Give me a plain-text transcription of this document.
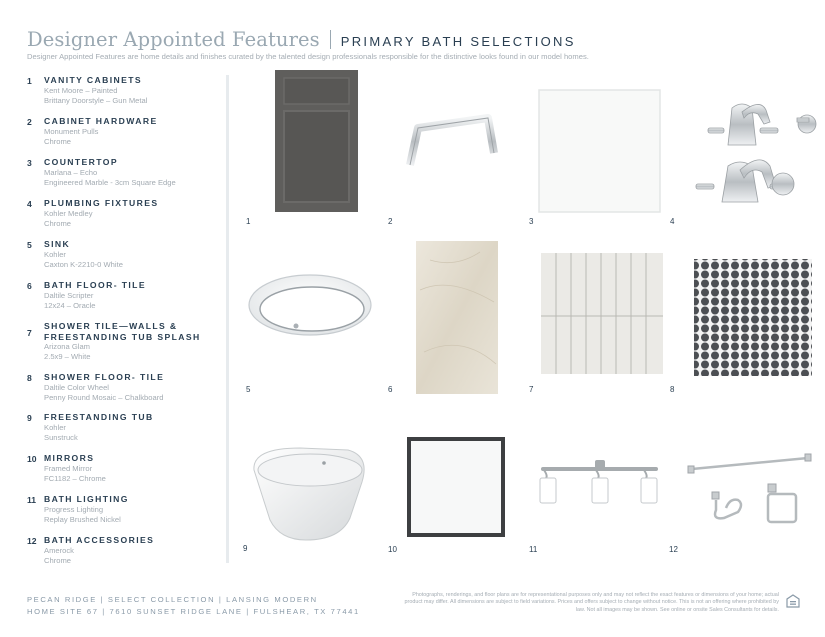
Designer Appointed Features PRIMARY BATH SELECTIONS
Designer Appointed Features are home details and finishes curated by the talented design professionals responsible for the distinctive looks found in our model homes.
1 VANITY CABINETS
Kent Moore – Painted
Brittany Doorstyle – Gun Metal
2 CABINET HARDWARE
Monument Pulls
Chrome
3 COUNTERTOP
Marlana – Echo
Engineered Marble - 3cm Square Edge
4 PLUMBING FIXTURES
Kohler Medley
Chrome
5 SINK
Kohler
Caxton K-2210-0 White
6 BATH FLOOR- TILE
Daltile Scripter
12x24 – Oracle
7
SHOWER TILE—WALLS &
FREESTANDING TUB SPLASH
Arizona Glam
2.5x9 – White
8 SHOWER FLOOR- TILE
Daltile Color Wheel
Penny Round Mosaic – Chalkboard
9 FREESTANDING TUB
Kohler
Sunstruck
10 MIRRORS
Framed Mirror
FC1182 – Chrome
11 BATH LIGHTING
Progress Lighting
Replay Brushed Nickel
12 BATH ACCESSORIES
Amerock
Chrome
1	2	3	4
5	6	7	8
9	10	11	12
PECAN RIDGE | SELECT COLLECTION | LANSING MODERN
HOME SITE 67 | 7610 SUNSET RIDGE LANE | FULSHEAR, TX 77441
Photographs, renderings, and floor plans are for representational purposes only and may not reflect the exact features or dimensions of your home; actual product may differ. All dimensions are subject to field variations. Prices and offers subject to change without notice. This is not an offering where prohibited by law. Not all images may be shown. See online or onsite Sales Consultants for details.
